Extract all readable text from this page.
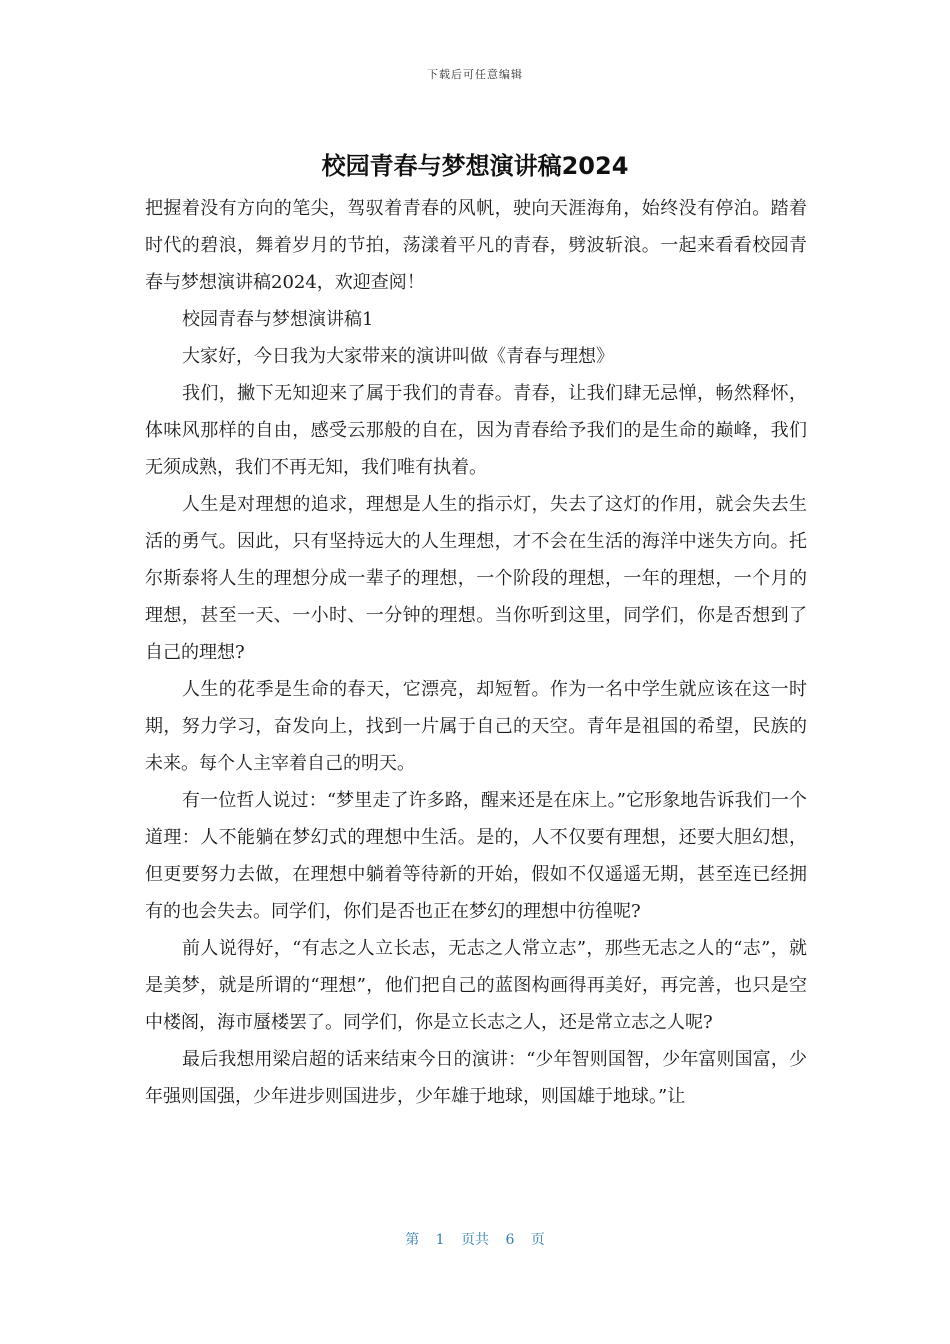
下载后可任意编辑
校园青春与梦想演讲稿2024

把握着没有方向的笔尖，驾驭着青春的风帆，驶向天涯海角，始终没有停泊。踏着时代的碧浪，舞着岁月的节拍，荡漾着平凡的青春，劈波斩浪。一起来看看校园青春与梦想演讲稿2024，欢迎查阅！

校园青春与梦想演讲稿1

大家好，今日我为大家带来的演讲叫做《青春与理想》

我们，撇下无知迎来了属于我们的青春。青春，让我们肆无忌惮，畅然释怀，体味风那样的自由，感受云那般的自在，因为青春给予我们的是生命的巅峰，我们无须成熟，我们不再无知，我们唯有执着。

人生是对理想的追求，理想是人生的指示灯，失去了这灯的作用，就会失去生活的勇气。因此，只有坚持远大的人生理想，才不会在生活的海洋中迷失方向。托尔斯泰将人生的理想分成一辈子的理想，一个阶段的理想，一年的理想，一个月的理想，甚至一天、一小时、一分钟的理想。当你听到这里，同学们，你是否想到了自己的理想?

人生的花季是生命的春天，它漂亮，却短暂。作为一名中学生就应该在这一时期，努力学习，奋发向上，找到一片属于自己的天空。青年是祖国的希望，民族的未来。每个人主宰着自己的明天。

有一位哲人说过：“梦里走了许多路，醒来还是在床上。”它形象地告诉我们一个道理：人不能躺在梦幻式的理想中生活。是的，人不仅要有理想，还要大胆幻想，但更要努力去做，在理想中躺着等待新的开始，假如不仅遥遥无期，甚至连已经拥有的也会失去。同学们，你们是否也正在梦幻的理想中彷徨呢?

前人说得好，“有志之人立长志，无志之人常立志”，那些无志之人的“志”，就是美梦，就是所谓的“理想”，他们把自己的蓝图构画得再美好，再完善，也只是空中楼阁，海市蜃楼罢了。同学们，你是立长志之人，还是常立志之人呢?

最后我想用梁启超的话来结束今日的演讲：“少年智则国智，少年富则国富，少年强则国强，少年进步则国进步，少年雄于地球，则国雄于地球。”让

第 1 页共 6 页
